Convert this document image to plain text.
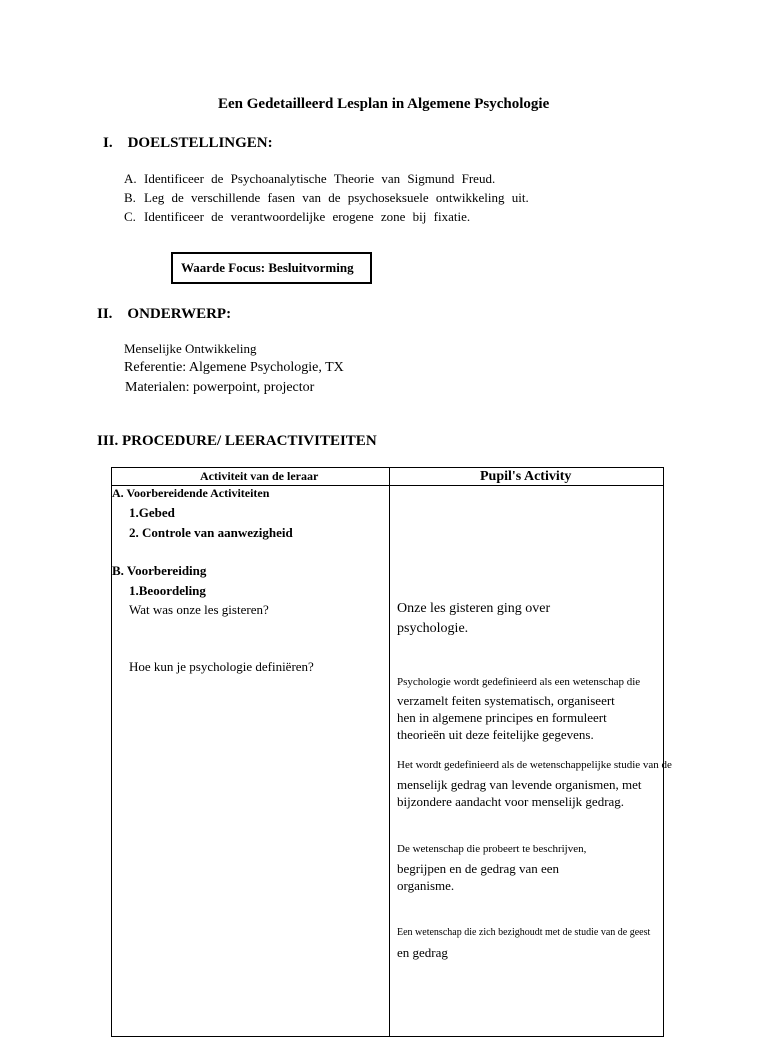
Een Gedetailleerd Lesplan in Algemene Psychologie
I.    DOELSTELLINGEN:
A. Identificeer de Psychoanalytische Theorie van Sigmund Freud.
B. Leg de verschillende fasen van de psychoseksuele ontwikkeling uit.
C. Identificeer de verantwoordelijke erogene zone bij fixatie.
Waarde Focus: Besluitvorming
II.    ONDERWERP:
Menselijke Ontwikkeling
Referentie: Algemene Psychologie, TX
Materialen: powerpoint, projector
III. PROCEDURE/ LEERACTIVITEITEN
Activiteit van de leraar	Pupil's Activity
A. Voorbereidende Activiteiten
1.Gebed
2. Controle van aanwezigheid
B. Voorbereiding
1.Beoordeling
Wat was onze les gisteren?
Hoe kun je psychologie definiëren?
Onze les gisteren ging over
psychologie.
Psychologie wordt gedefinieerd als een wetenschap die
verzamelt feiten systematisch, organiseert
hen in algemene principes en formuleert
theorieën uit deze feitelijke gegevens.
Het wordt gedefinieerd als de wetenschappelijke studie van de
menselijk gedrag van levende organismen, met
bijzondere aandacht voor menselijk gedrag.
De wetenschap die probeert te beschrijven,
begrijpen en de gedrag van een
organisme.
Een wetenschap die zich bezighoudt met de studie van de geest
en gedrag
